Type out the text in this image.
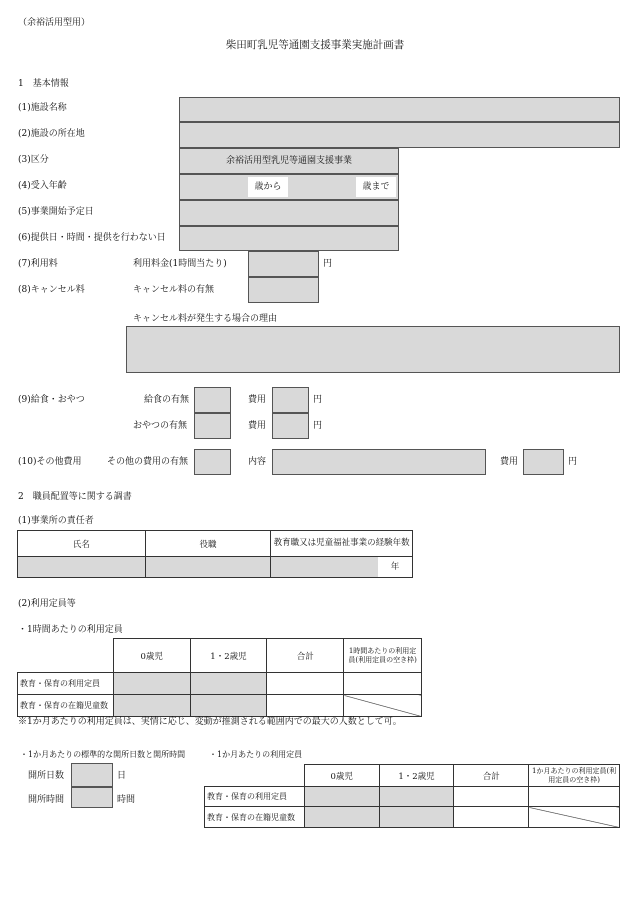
（余裕活用型用）
柴田町乳児等通園支援事業実施計画書
1　基本情報
(1)施設名称
(2)施設の所在地
(3)区分	余裕活用型乳児等通園支援事業
(4)受入年齢	歳から	歳まで
(5)事業開始予定日
(6)提供日・時間・提供を行わない日
(7)利用料	利用料金(1時間当たり)	円
(8)キャンセル料	キャンセル料の有無
キャンセル料が発生する場合の理由
(9)給食・おやつ	給食の有無	費用	円
おやつの有無	費用	円
(10)その他費用	その他の費用の有無	内容	費用	円
2　職員配置等に関する調書
(1)事業所の責任者
氏名	役職	教育職又は児童福祉事業の経験年数

		年
(2)利用定員等
・1時間あたりの利用定員
	0歳児	1・2歳児	合計	1時間あたりの利用定員(利用定員の空き枠)
教育・保育の利用定員				
教育・保育の在籍児童数				
※1か月あたりの利用定員は、実情に応じ、変動が推測される範囲内での最大の人数として可。
・1か月あたりの標準的な開所日数と開所時間
開所日数	日
開所時間	時間
・1か月あたりの利用定員
	0歳児	1・2歳児	合計	1か月あたりの利用定員(利用定員の空き枠)
教育・保育の利用定員				
教育・保育の在籍児童数				
